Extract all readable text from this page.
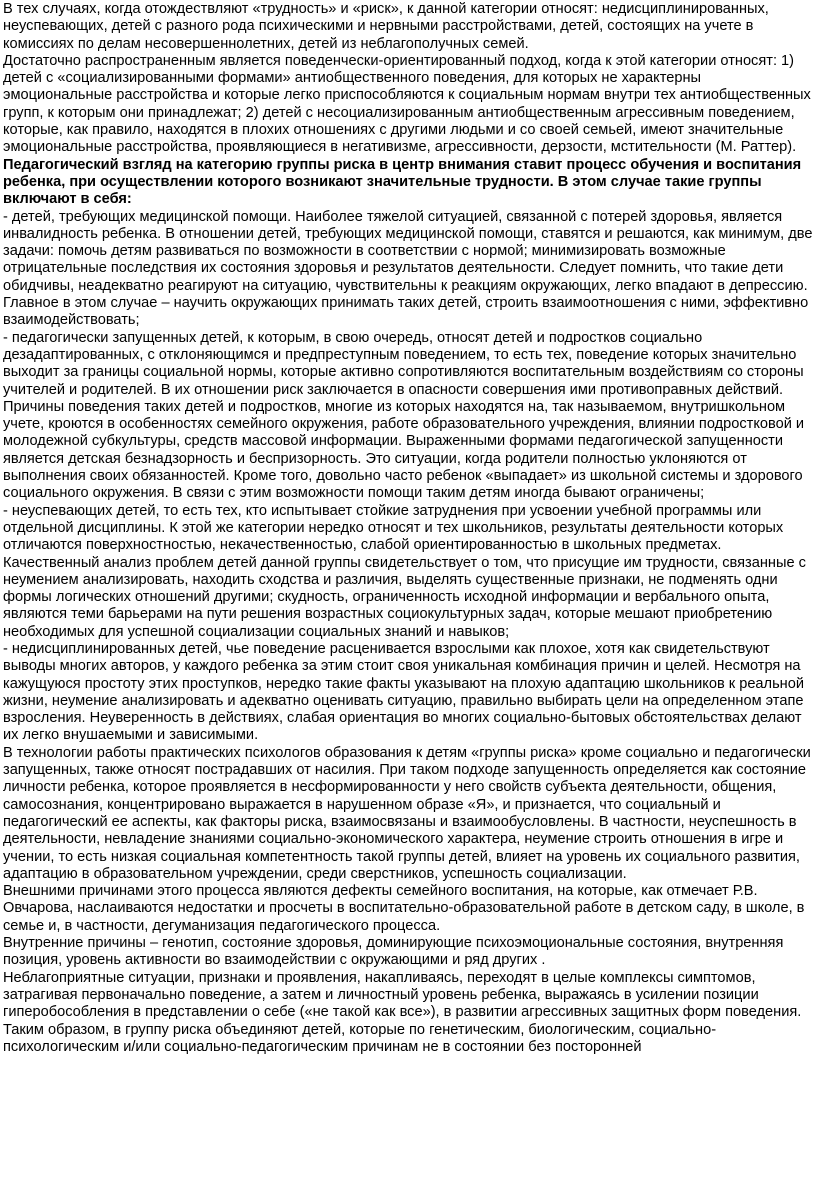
В тех случаях, когда отождествляют «трудность» и «риск», к данной категории относят: недисциплинированных, неуспевающих, детей с разного рода психическими и нервными расстройствами, детей, состоящих на учете в комиссиях по делам несовершеннолетних, детей из неблагополучных семей.

Достаточно распространенным является поведенчески-ориентированный подход, когда к этой категории относят: 1) детей с «социализированными формами» антиобщественного поведения, для которых не характерны эмоциональные расстройства и которые легко приспособляются к социальным нормам внутри тех антиобщественных групп, к которым они принадлежат; 2) детей с несоциализированным антиобщественным агрессивным поведением, которые, как правило, находятся в плохих отношениях с другими людьми и со своей семьей, имеют значительные эмоциональные расстройства, проявляющиеся в негативизме, агрессивности, дерзости, мстительности (М. Раттер).

Педагогический взгляд на категорию группы риска в центр внимания ставит процесс обучения и воспитания ребенка, при осуществлении которого возникают значительные трудности. В этом случае такие группы включают в себя:

- детей, требующих медицинской помощи. Наиболее тяжелой ситуацией, связанной с потерей здоровья, является инвалидность ребенка. В отношении детей, требующих медицинской помощи, ставятся и решаются, как минимум, две задачи: помочь детям развиваться по возможности в соответствии с нормой; минимизировать возможные отрицательные последствия их состояния здоровья и результатов деятельности. Следует помнить, что такие дети обидчивы, неадекватно реагируют на ситуацию, чувствительны к реакциям окружающих, легко впадают в депрессию. Главное в этом случае – научить окружающих принимать таких детей, строить взаимоотношения с ними, эффективно взаимодействовать;

- педагогически запущенных детей, к которым, в свою очередь, относят детей и подростков социально дезадаптированных, с отклоняющимся и предпреступным поведением, то есть тех, поведение которых значительно выходит за границы социальной нормы, которые активно сопротивляются воспитательным воздействиям со стороны учителей и родителей. В их отношении риск заключается в опасности совершения ими противоправных действий. Причины поведения таких детей и подростков, многие из которых находятся на, так называемом, внутришкольном учете, кроются в особенностях семейного окружения, работе образовательного учреждения, влиянии подростковой и молодежной субкультуры, средств массовой информации. Выраженными формами педагогической запущенности является детская безнадзорность и беспризорность. Это ситуации, когда родители полностью уклоняются от выполнения своих обязанностей. Кроме того, довольно часто ребенок «выпадает» из школьной системы и здорового социального окружения. В связи с этим возможности помощи таким детям иногда бывают ограничены;

- неуспевающих детей, то есть тех, кто испытывает стойкие затруднения при усвоении учебной программы или отдельной дисциплины. К этой же категории нередко относят и тех школьников, результаты деятельности которых отличаются поверхностностью, некачественностью, слабой ориентированностью в школьных предметах. Качественный анализ проблем детей данной группы свидетельствует о том, что присущие им трудности, связанные с неумением анализировать, находить сходства и различия, выделять существенные признаки, не подменять одни формы логических отношений другими; скудность, ограниченность исходной информации и вербального опыта, являются теми барьерами на пути решения возрастных социокультурных задач, которые мешают приобретению необходимых для успешной социализации социальных знаний и навыков;

- недисциплинированных детей, чье поведение расценивается взрослыми как плохое, хотя как свидетельствуют выводы многих авторов, у каждого ребенка за этим стоит своя уникальная комбинация причин и целей. Несмотря на кажущуюся простоту этих проступков, нередко такие факты указывают на плохую адаптацию школьников к реальной жизни, неумение анализировать и адекватно оценивать ситуацию, правильно выбирать цели на определенном этапе взросления. Неуверенность в действиях, слабая ориентация во многих социально-бытовых обстоятельствах делают их легко внушаемыми и зависимыми.

В технологии работы практических психологов образования к детям «группы риска» кроме социально и педагогически запущенных, также относят пострадавших от насилия. При таком подходе запущенность определяется как состояние личности ребенка, которое проявляется в несформированности у него свойств субъекта деятельности, общения, самосознания, концентрировано выражается в нарушенном образе «Я», и признается, что социальный и педагогический ее аспекты, как факторы риска, взаимосвязаны и взаимообусловлены. В частности, неуспешность в деятельности, невладение знаниями социально-экономического характера, неумение строить отношения в игре и учении, то есть низкая социальная компетентность такой группы детей, влияет на уровень их социального развития, адаптацию в образовательном учреждении, среди сверстников, успешность социализации.

Внешними причинами этого процесса являются дефекты семейного воспитания, на которые, как отмечает Р.В. Овчарова, наслаиваются недостатки и просчеты в воспитательно-образовательной работе в детском саду, в школе, в семье и, в частности, дегуманизация педагогического процесса.

Внутренние причины – генотип, состояние здоровья, доминирующие психоэмоциональные состояния, внутренняя позиция, уровень активности во взаимодействии с окружающими и ряд других .

Неблагоприятные ситуации, признаки и проявления, накапливаясь, переходят в целые комплексы симптомов, затрагивая первоначально поведение, а затем и личностный уровень ребенка, выражаясь в усилении позиции гиперобособления в представлении о себе («не такой как все»), в развитии агрессивных защитных форм поведения.

Таким образом, в группу риска объединяют детей, которые по генетическим, биологическим, социально-психологическим и/или социально-педагогическим причинам не в состоянии без посторонней
